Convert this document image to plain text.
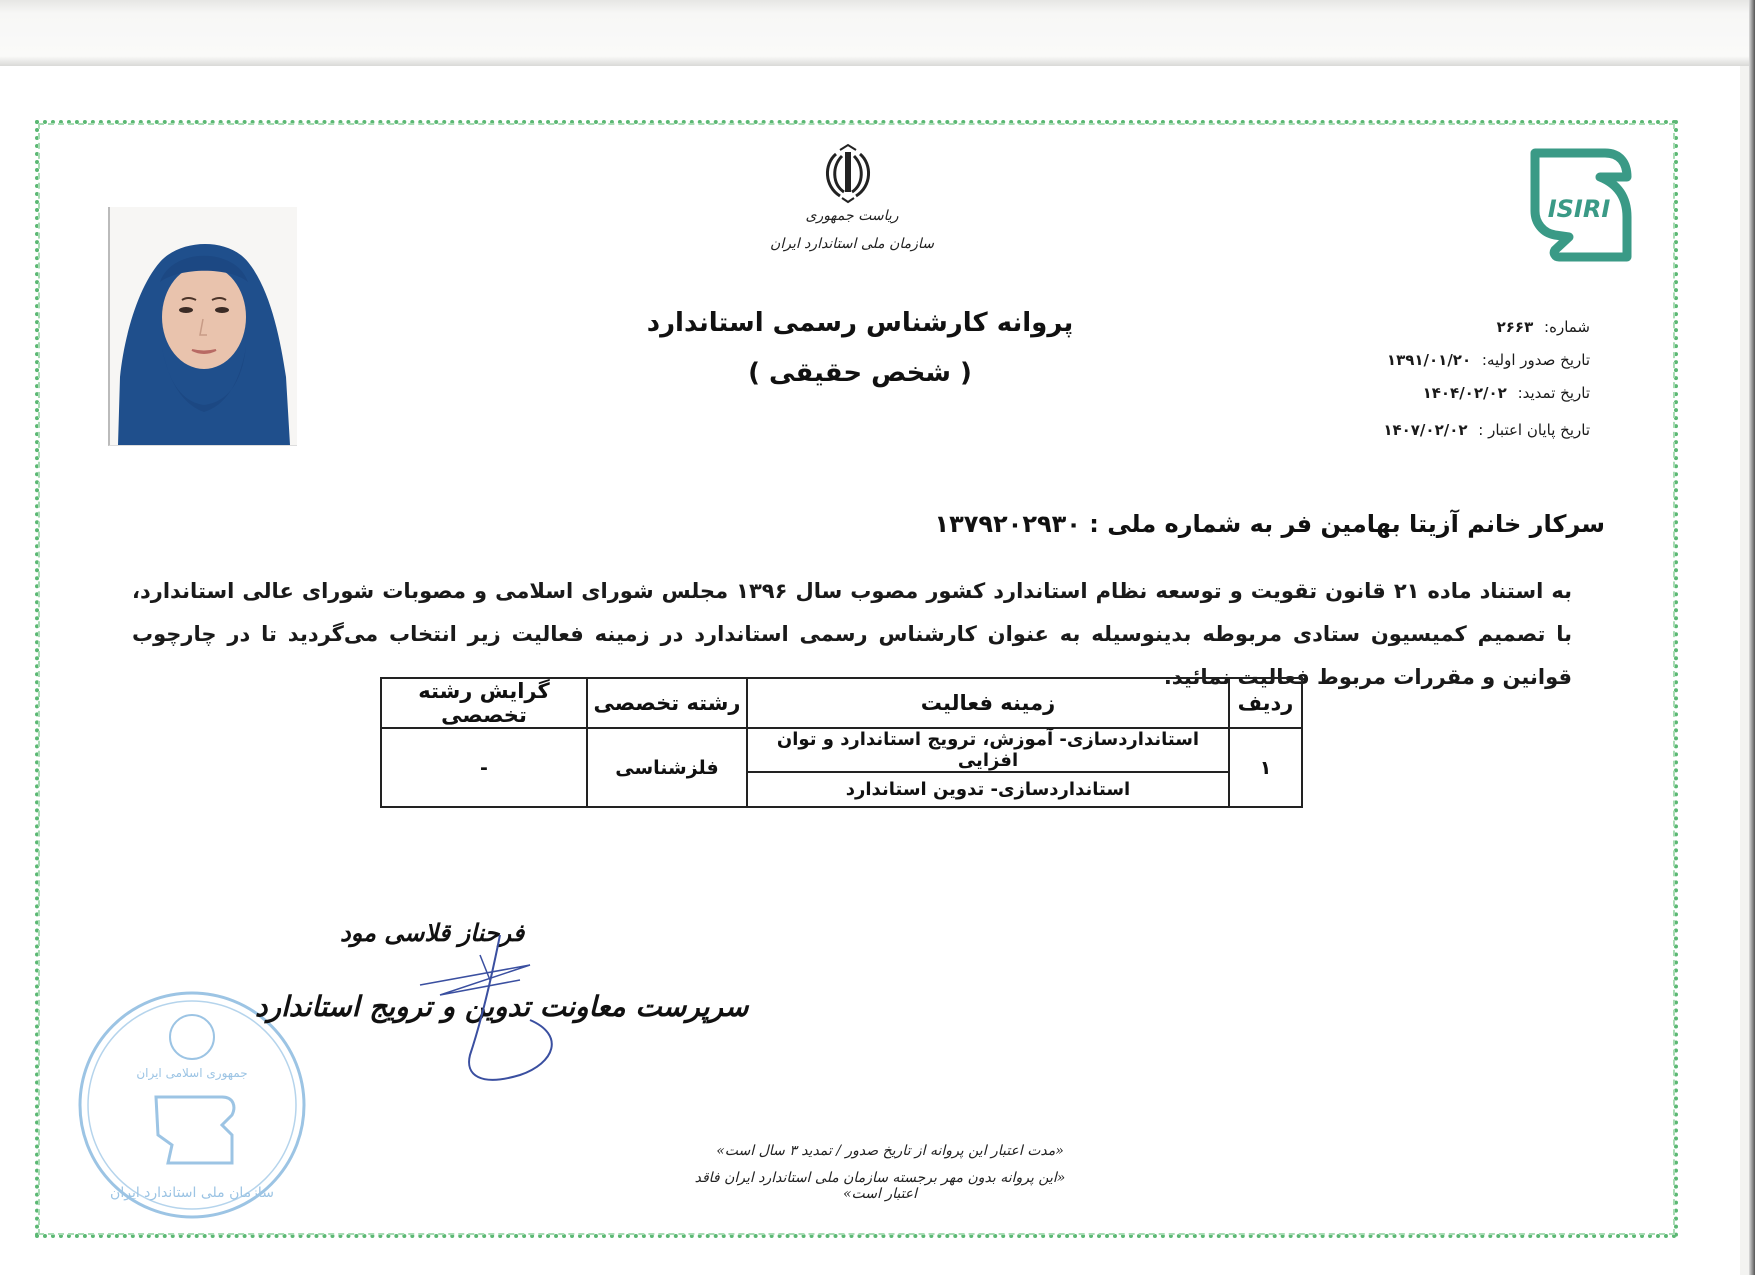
ریاست جمهوری
سازمان ملی استاندارد ایران
ISIRI
پروانه کارشناس رسمی استاندارد
( شخص حقیقی )
شماره: ۲۶۶۳
تاریخ صدور اولیه: ۱۳۹۱/۰۱/۲۰
تاریخ تمدید: ۱۴۰۴/۰۲/۰۲
تاریخ پایان اعتبار : ۱۴۰۷/۰۲/۰۲
سرکار خانم آزیتا بهامین فر به شماره ملی : ۱۳۷۹۲۰۲۹۳۰
به استناد ماده ۲۱ قانون تقویت و توسعه نظام استاندارد کشور مصوب سال ۱۳۹۶ مجلس شورای اسلامی و مصوبات شورای عالی استاندارد، با تصمیم کمیسیون ستادی مربوطه بدینوسیله به عنوان کارشناس رسمی استاندارد در زمینه فعالیت زیر انتخاب می‌گردید تا در چارچوب قوانین و مقررات مربوط فعالیت نمائید.
ردیف	زمینه فعالیت	رشته تخصصی	گرایش رشته تخصصی
۱	استانداردسازی- آموزش، ترویج استاندارد و توان افزایی	فلزشناسی	-
	استانداردسازی- تدوین استاندارد		
جمهوری اسلامی ایران
سازمان ملی استاندارد ایران
فرحناز قلاسی مود
سرپرست معاونت تدوین و ترویج استاندارد
«مدت اعتبار این پروانه از تاریخ صدور / تمدید ۳ سال است»
«این پروانه بدون مهر برجسته سازمان ملی استاندارد ایران فاقد اعتبار است»
